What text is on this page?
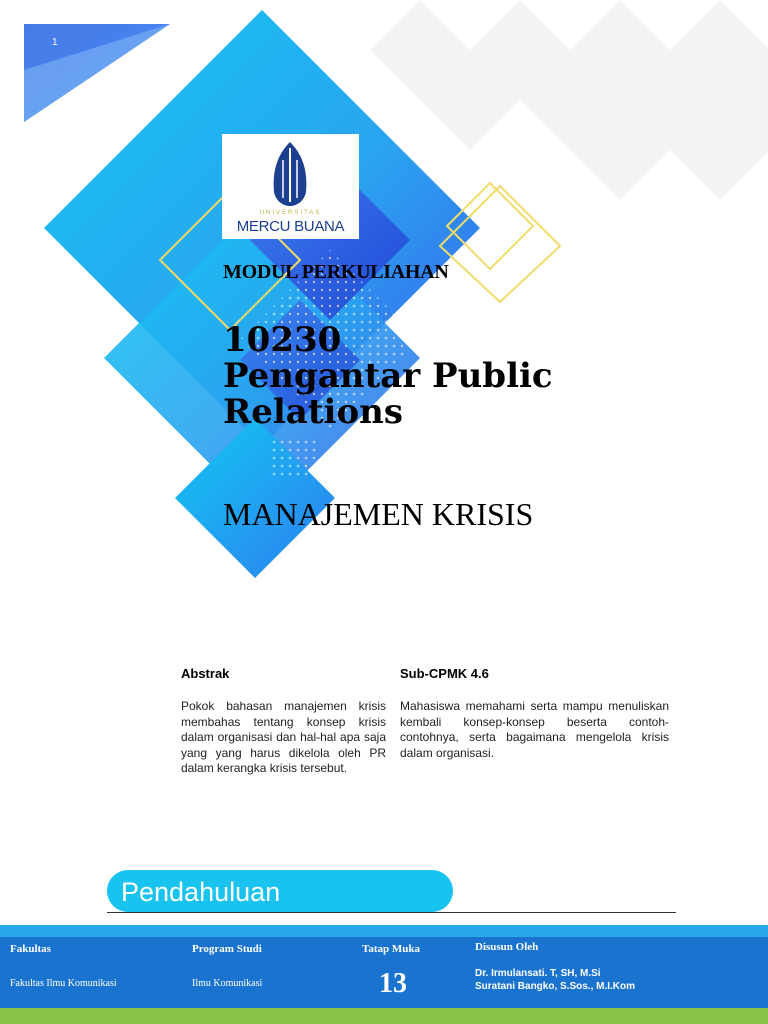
1
UNIVERSITAS
MERCU BUANA
MODUL PERKULIAHAN
10230
Pengantar Public
Relations
MANAJEMEN KRISIS
Abstrak
Pokok bahasan manajemen krisis membahas tentang konsep krisis dalam organisasi dan hal-hal apa saja yang yang harus dikelola oleh PR dalam kerangka krisis tersebut.
Sub-CPMK 4.6
Mahasiswa memahami serta mampu menuliskan kembali konsep-konsep beserta contoh-contohnya, serta bagaimana mengelola krisis dalam organisasi.
Pendahuluan
Fakultas
Fakultas Ilmu Komunikasi
Program Studi
Ilmu Komunikasi
Tatap Muka
13
Disusun Oleh
Dr. Irmulansati. T, SH, M.Si
Suratani Bangko, S.Sos., M.I.Kom
